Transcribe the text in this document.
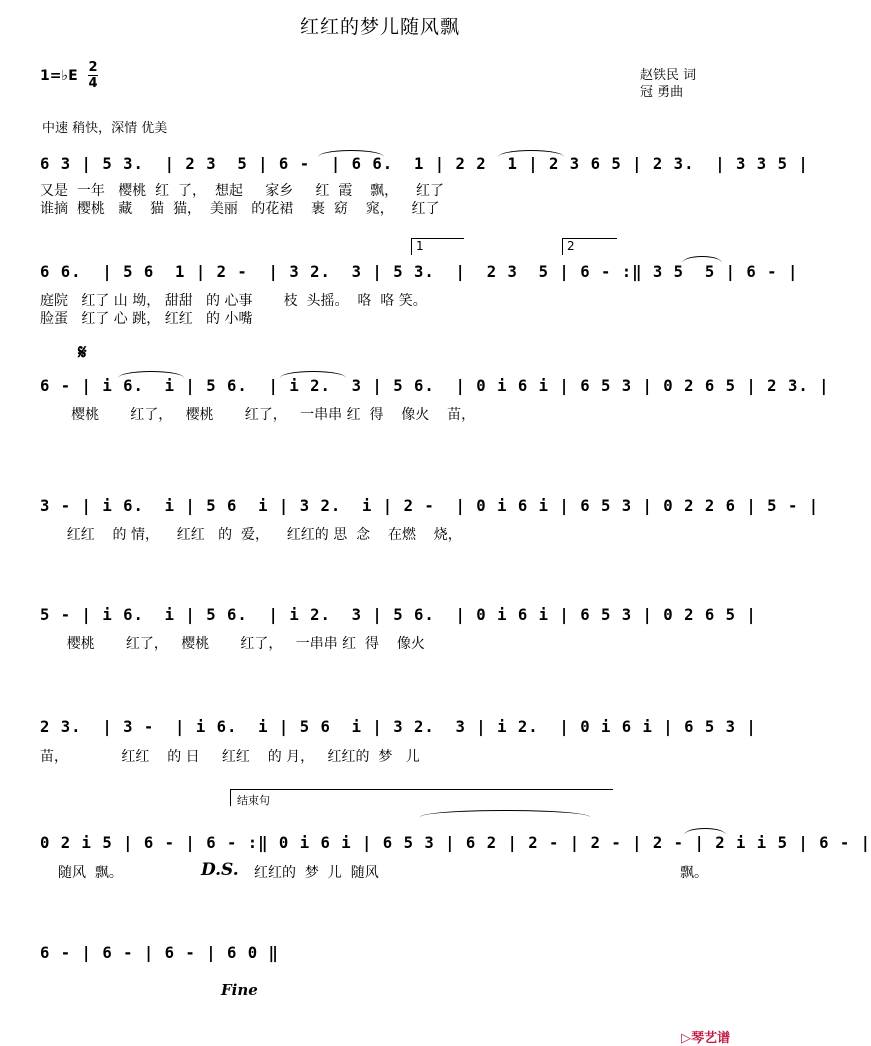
红红的梦儿随风飘
1=♭E
2
4
赵铁民 词
冠 勇曲
中速 稍快，深情 优美
6 3 | 5 3.  | 2 3  5 | 6 -  | 6 6.  1 | 2 2  1 | 2 3 6 5 | 2 3.  | 3 3 5 |
又是  一年   樱桃  红  了，  想起     家乡     红  霞    飘，    红了
谁摘  樱桃   藏    猫  猫，  美丽   的花裙    裹  窈    窕，    红了
1	2
6 6.  | 5 6  1 | 2 -  | 3 2.  3 | 5 3.  |  2 3  5 | 6 - :‖ 3 5  5 | 6 - |
庭院   红了 山 坳， 甜甜   的 心事       枝  头摇。  咯  咯 笑。
脸蛋   红了 心 跳， 红红   的 小嘴
𝄋
6 - | i 6.  i | 5 6.  | i 2.  3 | 5 6.  | 0 i 6 i | 6 5 3 | 0 2 6 5 | 2 3. |
樱桃       红了，   樱桃       红了，   一串串 红  得    像火    苗，
3 - | i 6.  i | 5 6  i | 3 2.  i | 2 -  | 0 i 6 i | 6 5 3 | 0 2 2 6 | 5 - |
红红    的 情，    红红   的  爱，    红红的 思  念    在燃    烧，
5 - | i 6.  i | 5 6.  | i 2.  3 | 5 6.  | 0 i 6 i | 6 5 3 | 0 2 6 5 |
樱桃       红了，   樱桃       红了，   一串串 红  得    像火
2 3.  | 3 -  | i 6.  i | 5 6  i | 3 2.  3 | i 2.  | 0 i 6 i | 6 5 3 |
苗，            红红    的 日     红红    的 月，   红红的  梦   儿
结束句
0 2 i 5 | 6 - | 6 - :‖ 0 i 6 i | 6 5 3 | 6 2 | 2 - | 2 - | 2 - | 2 i i 5 | 6 - |
随风  飘。	D.S. 红红的  梦  儿  随风	飘。
6 - | 6 - | 6 - | 6 0 ‖
Fine

▷琴艺谱
